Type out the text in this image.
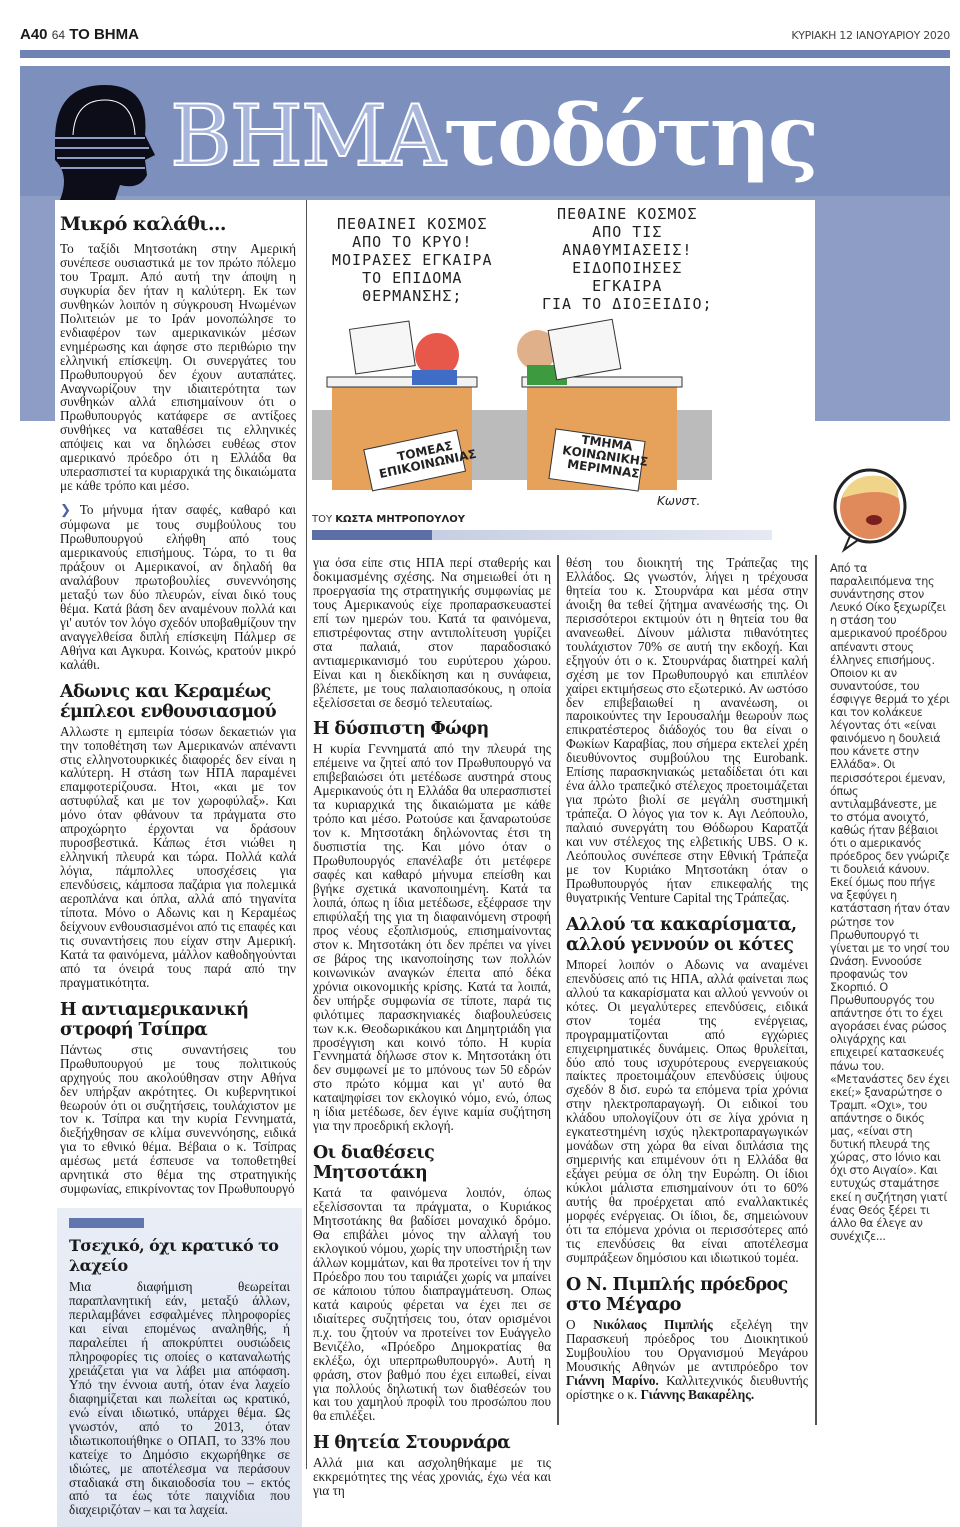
A40 64 ΤΟ ΒΗΜΑ	ΚΥΡΙΑΚΗ 12 ΙΑΝΟΥΑΡΙΟΥ 2020
ΒΗΜΑτοδότης
ΠΕΘΑΙΝΕΙ ΚΟΣΜΟΣ
ΑΠΟ ΤΟ ΚΡΥΟ!
ΜΟΙΡΑΣΕΣ ΕΓΚΑΙΡΑ
ΤΟ ΕΠΙΔΟΜΑ
ΘΕΡΜΑΝΣΗΣ;
ΠΕΘΑΙΝΕ ΚΟΣΜΟΣ
ΑΠΟ ΤΙΣ
ΑΝΑΘΥΜΙΑΣΕΙΣ!
ΕΙΔΟΠΟΙΗΣΕΣ
ΕΓΚΑΙΡΑ
ΓΙΑ ΤΟ ΔΙΟΞΕΙΔΙΟ;
ΤΟΜΕΑΣ
ΕΠΙΚΟΙΝΩΝΙΑΣ
ΤΜΗΜΑ
ΚΟΙΝΩΝΙΚΗΣ
ΜΕΡΙΜΝΑΣ
Κωνστ.
ΤΟΥ ΚΩΣΤΑ ΜΗΤΡΟΠΟΥΛΟΥ
Μικρό καλάθι...

Το ταξίδι Μητσοτάκη στην Αμερική συνέπεσε ουσιαστικά με τον πρώτο πόλεμο του Τραμπ. Από αυτή την άποψη η συγκυρία δεν ήταν η καλύτερη. Εκ των συνθηκών λοιπόν η σύγκρουση Ηνωμένων Πολιτειών με το Ιράν μονοπώλησε το ενδιαφέρον των αμερικανικών μέσων ενημέρωσης και άφησε στο περιθώριο την ελληνική επίσκεψη. Οι συνεργάτες του Πρωθυπουργού δεν έχουν αυταπάτες. Αναγνωρίζουν την ιδιαιτερότητα των συνθηκών αλλά επισημαίνουν ότι ο Πρωθυπουργός κατάφερε σε αντίξοες συνθήκες να καταθέσει τις ελληνικές απόψεις και να δηλώσει ευθέως στον αμερικανό πρόεδρο ότι η Ελλάδα θα υπερασπιστεί τα κυριαρχικά της δικαιώματα με κάθε τρόπο και μέσο.

❯ Το μήνυμα ήταν σαφές, καθαρό και σύμφωνα με τους συμβούλους του Πρωθυπουργού ελήφθη από τους αμερικανούς επισήμους. Τώρα, το τι θα πράξουν οι Αμερικανοί, αν δηλαδή θα αναλάβουν πρωτοβουλίες συνεννόησης μεταξύ των δύο πλευρών, είναι δικό τους θέμα. Κατά βάση δεν αναμένουν πολλά και γι' αυτόν τον λόγο σχεδόν υποβαθμίζουν την αναγγελθείσα διπλή επίσκεψη Πάλμερ σε Αθήνα και Αγκυρα. Κοινώς, κρατούν μικρό καλάθι.

Αδωνις και Κεραμέως έμπλεοι ενθουσιασμού

Αλλωστε η εμπειρία τόσων δεκαετιών για την τοποθέτηση των Αμερικανών απέναντι στις ελληνοτουρκικές διαφορές δεν είναι η καλύτερη. Η στάση των ΗΠΑ παραμένει επαμφοτερίζουσα. Ητοι, «και με τον αστυφύλαξ και με τον χωροφύλαξ». Και μόνο όταν φθάνουν τα πράγματα στο απροχώρητο έρχονται να δράσουν πυροσβεστικά. Κάπως έτσι νιώθει η ελληνική πλευρά και τώρα. Πολλά καλά λόγια, πάμπολλες υποσχέσεις για επενδύσεις, κάμποσα παζάρια για πολεμικά αεροπλάνα και όπλα, αλλά από τηγανίτα τίποτα. Μόνο ο Αδωνις και η Κεραμέως δείχνουν ενθουσιασμένοι από τις επαφές και τις συναντήσεις που είχαν στην Αμερική. Κατά τα φαινόμενα, μάλλον καθοδηγούνται από τα όνειρά τους παρά από την πραγματικότητα.

Η αντιαμερικανική στροφή Τσίπρα

Πάντως στις συναντήσεις του Πρωθυπουργού με τους πολιτικούς αρχηγούς που ακολούθησαν στην Αθήνα δεν υπήρξαν ακρότητες. Οι κυβερνητικοί θεωρούν ότι οι συζητήσεις, τουλάχιστον με τον κ. Τσίπρα και την κυρία Γεννηματά, διεξήχθησαν σε κλίμα συνεννόησης, ειδικά για το εθνικό θέμα. Βέβαια ο κ. Τσίπρας αμέσως μετά έσπευσε να τοποθετηθεί αρνητικά στο θέμα της στρατηγικής συμφωνίας, επικρίνοντας τον Πρωθυπουργό

Τσεχικό, όχι κρατικό το λαχείο

Μια διαφήμιση θεωρείται παραπλανητική εάν, μεταξύ άλλων, περιλαμβάνει εσφαλμένες πληροφορίες και είναι επομένως αναληθής, ή παραλείπει ή αποκρύπτει ουσιώδεις πληροφορίες τις οποίες ο καταναλωτής χρειάζεται για να λάβει μια απόφαση. Υπό την έννοια αυτή, όταν ένα λαχείο διαφημίζεται και πωλείται ως κρατικό, ενώ είναι ιδιωτικό, υπάρχει θέμα. Ως γνωστόν, από το 2013, όταν ιδιωτικοποιήθηκε ο ΟΠΑΠ, το 33% που κατείχε το Δημόσιο εκχωρήθηκε σε ιδιώτες, με αποτέλεσμα να περάσουν σταδιακά στη δικαιοδοσία του – εκτός από τα έως τότε παιχνίδια που διαχειριζόταν – και τα λαχεία.

για όσα είπε στις ΗΠΑ περί σταθερής και δοκιμασμένης σχέσης. Να σημειωθεί ότι η προεργασία της στρατηγικής συμφωνίας με τους Αμερικανούς είχε προπαρασκευαστεί επί των ημερών του. Κατά τα φαινόμενα, επιστρέφοντας στην αντιπολίτευση γυρίζει στα παλαιά, στον παραδοσιακό αντιαμερικανισμό του ευρύτερου χώρου. Είναι και η διεκδίκηση και η συνάφεια, βλέπετε, με τους παλαιοπασόκους, η οποία εξελίσσεται σε δεσμό τελευταίως.

Η δύσπιστη Φώφη

Η κυρία Γεννηματά από την πλευρά της επέμεινε να ζητεί από τον Πρωθυπουργό να επιβεβαιώσει ότι μετέδωσε αυστηρά στους Αμερικανούς ότι η Ελλάδα θα υπερασπιστεί τα κυριαρχικά της δικαιώματα με κάθε τρόπο και μέσο. Ρωτούσε και ξαναρωτούσε τον κ. Μητσοτάκη δηλώνοντας έτσι τη δυσπιστία της. Και μόνο όταν ο Πρωθυπουργός επανέλαβε ότι μετέφερε σαφές και καθαρό μήνυμα επείσθη και βγήκε σχετικά ικανοποιημένη. Κατά τα λοιπά, όπως η ίδια μετέδωσε, εξέφρασε την επιφύλαξή της για τη διαφαινόμενη στροφή προς νέους εξοπλισμούς, επισημαίνοντας στον κ. Μητσοτάκη ότι δεν πρέπει να γίνει σε βάρος της ικανοποίησης των πολλών κοινωνικών αναγκών έπειτα από δέκα χρόνια οικονομικής κρίσης. Κατά τα λοιπά, δεν υπήρξε συμφωνία σε τίποτε, παρά τις φιλότιμες παρασκηνιακές διαβουλεύσεις των κ.κ. Θεοδωρικάκου και Δημητριάδη για προσέγγιση και κοινό τόπο. Η κυρία Γεννηματά δήλωσε στον κ. Μητσοτάκη ότι δεν συμφωνεί με το μπόνους των 50 εδρών στο πρώτο κόμμα και γι' αυτό θα καταψηφίσει τον εκλογικό νόμο, ενώ, όπως η ίδια μετέδωσε, δεν έγινε καμία συζήτηση για την προεδρική εκλογή.

Οι διαθέσεις Μητσοτάκη

Κατά τα φαινόμενα λοιπόν, όπως εξελίσσονται τα πράγματα, ο Κυριάκος Μητσοτάκης θα βαδίσει μοναχικό δρόμο. Θα επιβάλει μόνος την αλλαγή του εκλογικού νόμου, χωρίς την υποστήριξη των άλλων κομμάτων, και θα προτείνει τον ή την Πρόεδρο που του ταιριάζει χωρίς να μπαίνει σε κάποιου τύπου διαπραγμάτευση. Οπως κατά καιρούς φέρεται να έχει πει σε ιδιαίτερες συζητήσεις του, όταν ορισμένοι π.χ. του ζητούν να προτείνει τον Ευάγγελο Βενιζέλο, «Πρόεδρο Δημοκρατίας θα εκλέξω, όχι υπερπρωθυπουργό». Αυτή η φράση, στον βαθμό που έχει ειπωθεί, είναι για πολλούς δηλωτική των διαθέσεών του και του χαμηλού προφίλ του προσώπου που θα επιλέξει.

Η θητεία Στουρνάρα

Αλλά μια και ασχοληθήκαμε με τις εκκρεμότητες της νέας χρονιάς, έχω νέα και για τη

θέση του διοικητή της Τράπεζας της Ελλάδος. Ως γνωστόν, λήγει η τρέχουσα θητεία του κ. Στουρνάρα και μέσα στην άνοιξη θα τεθεί ζήτημα ανανέωσής της. Οι περισσότεροι εκτιμούν ότι η θητεία του θα ανανεωθεί. Δίνουν μάλιστα πιθανότητες τουλάχιστον 70% σε αυτή την εκδοχή. Και εξηγούν ότι ο κ. Στουρνάρας διατηρεί καλή σχέση με τον Πρωθυπουργό και επιπλέον χαίρει εκτιμήσεως στο εξωτερικό. Αν ωστόσο δεν επιβεβαιωθεί η ανανέωση, οι παροικούντες την Ιερουσαλήμ θεωρούν πως επικρατέστερος διάδοχός του θα είναι ο Φωκίων Καραβίας, που σήμερα εκτελεί χρέη διευθύνοντος συμβούλου της Eurobank. Επίσης παρασκηνιακώς μεταδίδεται ότι και ένα άλλο τραπεζικό στέλεχος προετοιμάζεται για πρώτο βιολί σε μεγάλη συστημική τράπεζα. Ο λόγος για τον κ. Αγι Λεόπουλο, παλαιό συνεργάτη του Θόδωρου Καρατζά και νυν στέλεχος της ελβετικής UBS. Ο κ. Λεόπουλος συνέπεσε στην Εθνική Τράπεζα με τον Κυριάκο Μητσοτάκη όταν ο Πρωθυπουργός ήταν επικεφαλής της θυγατρικής Venture Capital της Τράπεζας.

Αλλού τα κακαρίσματα, αλλού γεννούν οι κότες

Μπορεί λοιπόν ο Αδωνις να αναμένει επενδύσεις από τις ΗΠΑ, αλλά φαίνεται πως αλλού τα κακαρίσματα και αλλού γεννούν οι κότες. Οι μεγαλύτερες επενδύσεις, ειδικά στον τομέα της ενέργειας, προγραμματίζονται από εγχώριες επιχειρηματικές δυνάμεις. Οπως θρυλείται, δύο από τους ισχυρότερους ενεργειακούς παίκτες προετοιμάζουν επενδύσεις ύψους σχεδόν 8 δισ. ευρώ τα επόμενα τρία χρόνια στην ηλεκτροπαραγωγή. Οι ειδικοί του κλάδου υπολογίζουν ότι σε λίγα χρόνια η εγκατεστημένη ισχύς ηλεκτροπαραγωγικών μονάδων στη χώρα θα είναι διπλάσια της σημερινής και επιμένουν ότι η Ελλάδα θα εξάγει ρεύμα σε όλη την Ευρώπη. Οι ίδιοι κύκλοι μάλιστα επισημαίνουν ότι το 60% αυτής θα προέρχεται από εναλλακτικές μορφές ενέργειας. Οι ίδιοι, δε, σημειώνουν ότι τα επόμενα χρόνια οι περισσότερες από τις επενδύσεις θα είναι αποτέλεσμα συμπράξεων δημόσιου και ιδιωτικού τομέα.

Ο Ν. Πιμπλής πρόεδρος στο Μέγαρο

Ο Νικόλαος Πιμπλής εξελέγη την Παρασκευή πρόεδρος του Διοικητικού Συμβουλίου του Οργανισμού Μεγάρου Μουσικής Αθηνών με αντιπρόεδρο τον Γιάννη Μαρίνο. Καλλιτεχνικός διευθυντής ορίστηκε ο κ. Γιάννης Βακαρέλης.

Από τα παραλειπόμενα της συνάντησης στον Λευκό Οίκο ξεχωρίζει η στάση του αμερικανού προέδρου απέναντι στους έλληνες επισήμους. Οποιον κι αν συναντούσε, του έσφιγγε θερμά το χέρι και τον κολάκευε λέγοντας ότι «είναι φαινόμενο η δουλειά που κάνετε στην Ελλάδα». Οι περισσότεροι έμεναν, όπως αντιλαμβάνεστε, με το στόμα ανοιχτό, καθώς ήταν βέβαιοι ότι ο αμερικανός πρόεδρος δεν γνώριζε τι δουλειά κάνουν. Εκεί όμως που πήγε να ξεφύγει η κατάσταση ήταν όταν ρώτησε τον Πρωθυπουργό τι γίνεται με το νησί του Ωνάση. Εννοούσε προφανώς τον Σκορπιό. Ο Πρωθυπουργός του απάντησε ότι το έχει αγοράσει ένας ρώσος ολιγάρχης και επιχειρεί κατασκευές πάνω του. «Μετανάστες δεν έχει εκεί;» ξαναρώτησε ο Τραμπ. «Οχι», του απάντησε ο δικός μας, «είναι στη δυτική πλευρά της χώρας, στο Ιόνιο και όχι στο Αιγαίο». Και ευτυχώς σταμάτησε εκεί η συζήτηση γιατί ένας Θεός ξέρει τι άλλο θα έλεγε αν συνέχιζε...
